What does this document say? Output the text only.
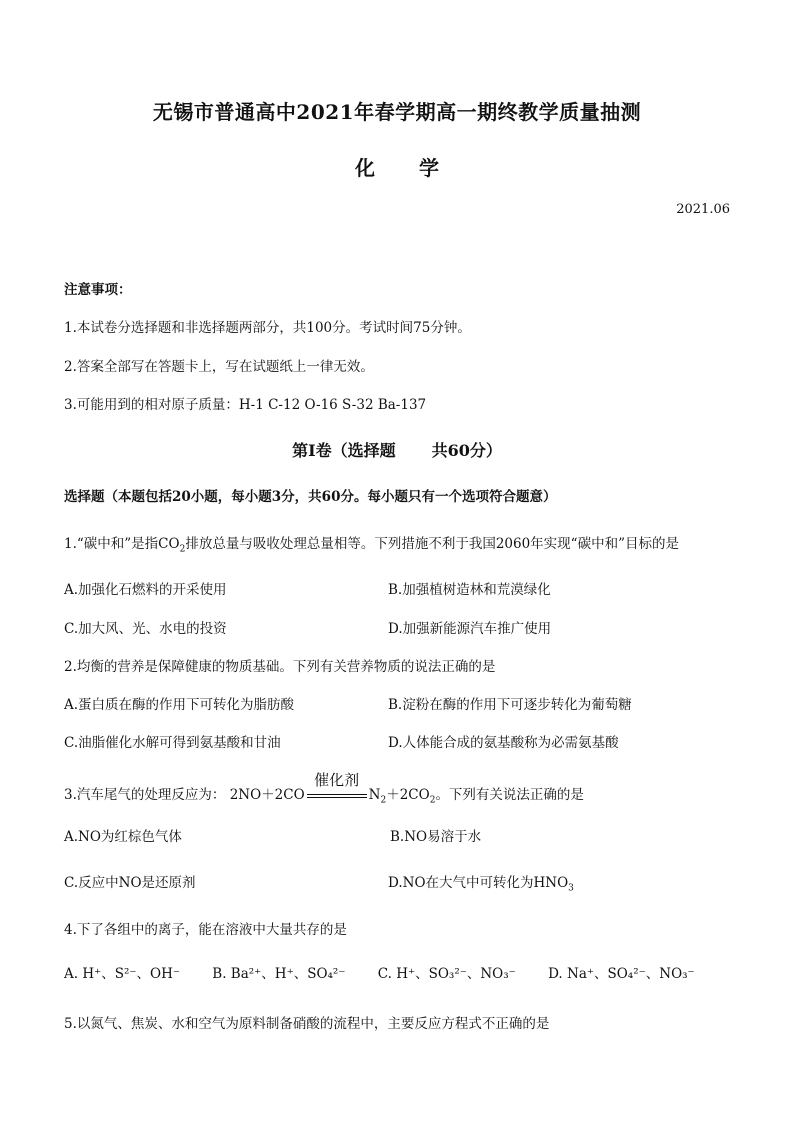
无锡市普通高中2021年春学期高一期终教学质量抽测
化 学
2021.06
注意事项：
1.本试卷分选择题和非选择题两部分，共100分。考试时间75分钟。
2.答案全部写在答题卡上，写在试题纸上一律无效。
3.可能用到的相对原子质量：H-1 C-12 O-16 S-32 Ba-137
第Ⅰ卷（选择题 共60分）
选择题（本题包括20小题，每小题3分，共60分。每小题只有一个选项符合题意）
1.“碳中和”是指$CO_2$排放总量与吸收处理总量相等。下列措施不利于我国2060年实现“碳中和”目标的是
A.加强化石燃料的开采使用	B.加强植树造林和荒漠绿化
C.加大风、光、水电的投资	D.加强新能源汽车推广使用
2.均衡的营养是保障健康的物质基础。下列有关营养物质的说法正确的是
A.蛋白质在酶的作用下可转化为脂肪酸	B.淀粉在酶的作用下可逐步转化为葡萄糖
C.油脂催化水解可得到氨基酸和甘油	D.人体能合成的氨基酸称为必需氨基酸
3.汽车尾气的处理反应为： 2NO＋2CO
催化剂
$N_2+2CO_2$。下列有关说法正确的是
A.NO为红棕色气体	B.NO易溶于水
C.反应中NO是还原剂	D.NO在大气中可转化为$HNO_3$
4.下了各组中的离子，能在溶液中大量共存的是
A. H⁺、S²⁻、OH⁻ B. Ba²⁺、H⁺、SO₄²⁻ C. H⁺、SO₃²⁻、NO₃⁻ D. Na⁺、SO₄²⁻、NO₃⁻
5.以氮气、焦炭、水和空气为原料制备硝酸的流程中，主要反应方程式不正确的是
